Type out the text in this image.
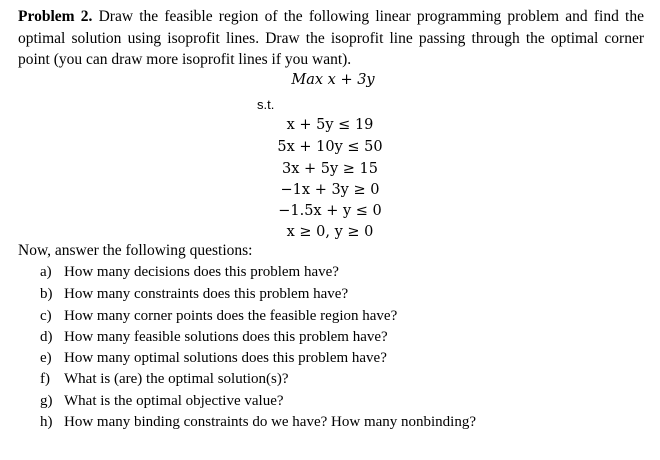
Problem 2. Draw the feasible region of the following linear programming problem and find the optimal solution using isoprofit lines. Draw the isoprofit line passing through the optimal corner point (you can draw more isoprofit lines if you want).
Max x + 3y
s.t.
x + 5y ≤ 19
5x + 10y ≤ 50
3x + 5y ≥ 15
−1x + 3y ≥ 0
−1.5x + y ≤ 0
x ≥ 0, y ≥ 0
Now, answer the following questions:
a) How many decisions does this problem have?
b) How many constraints does this problem have?
c) How many corner points does the feasible region have?
d) How many feasible solutions does this problem have?
e) How many optimal solutions does this problem have?
f) What is (are) the optimal solution(s)?
g) What is the optimal objective value?
h) How many binding constraints do we have? How many nonbinding?
